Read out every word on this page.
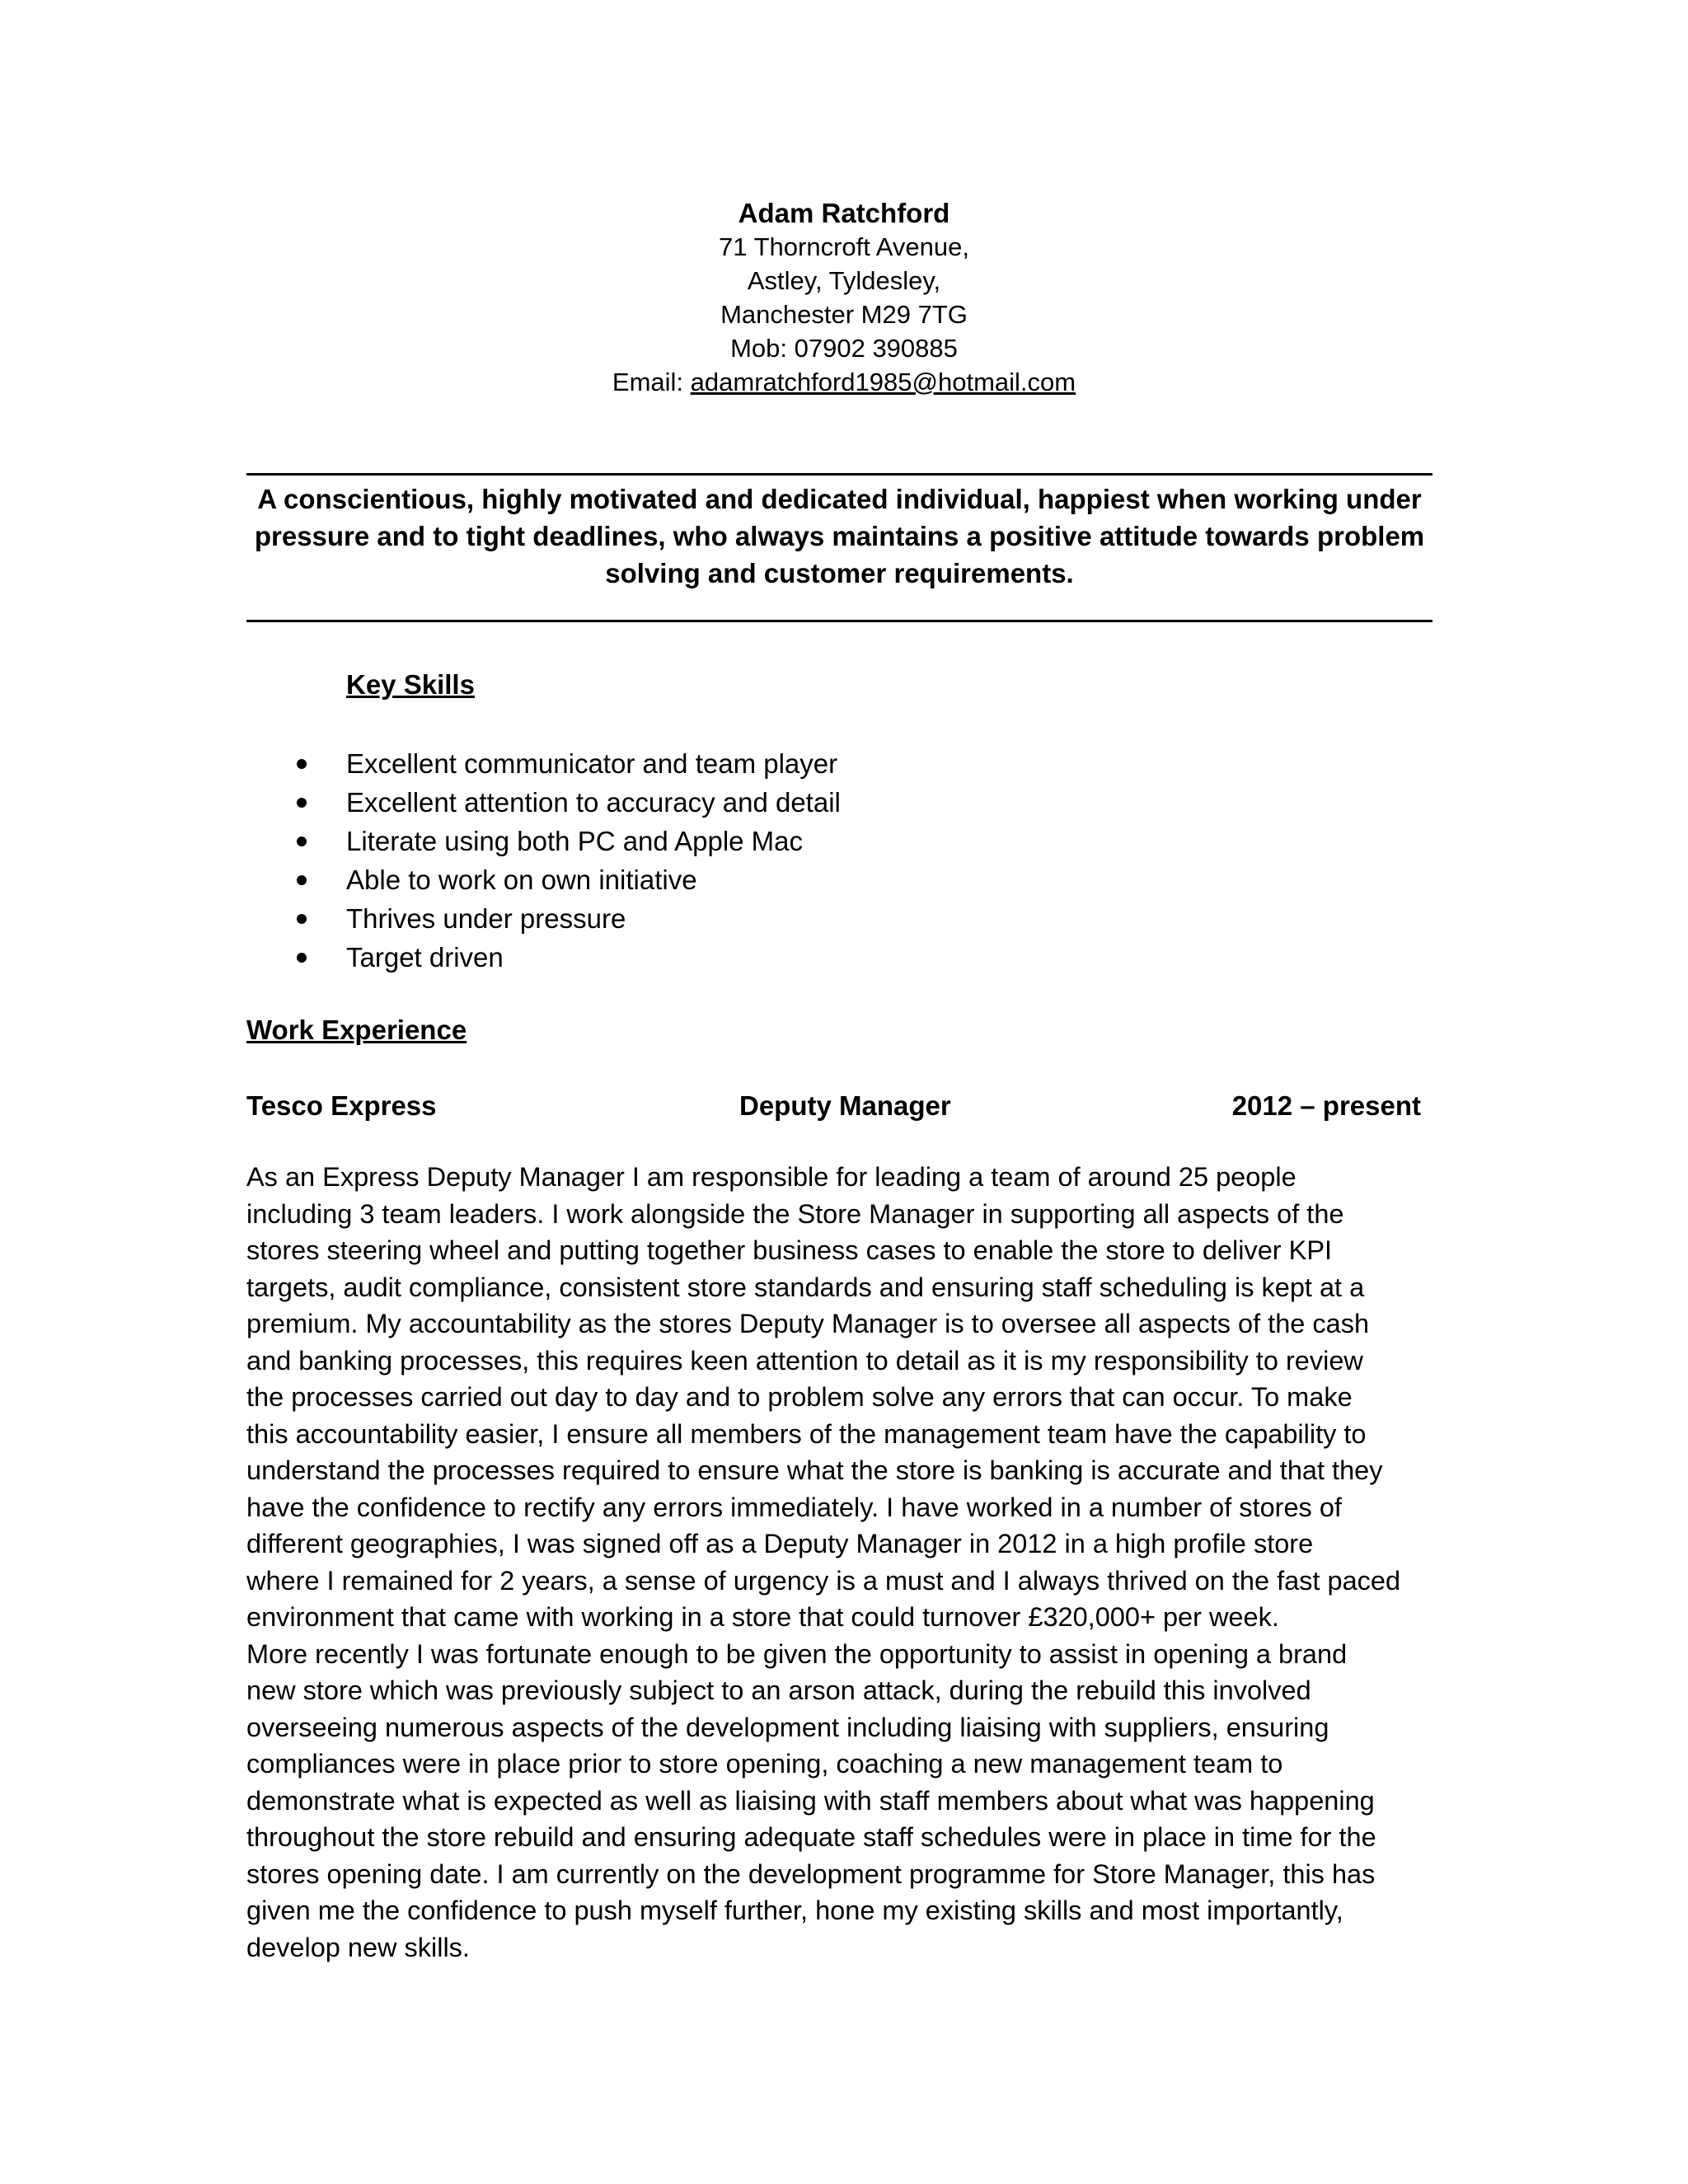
Adam Ratchford
71 Thorncroft Avenue,
Astley, Tyldesley,
Manchester M29 7TG
Mob: 07902 390885
Email: adamratchford1985@hotmail.com
A conscientious, highly motivated and dedicated individual, happiest when working under
pressure and to tight deadlines, who always maintains a positive attitude towards problem
solving and customer requirements.
Key Skills
Excellent communicator and team player
Excellent attention to accuracy and detail
Literate using both PC and Apple Mac
Able to work on own initiative
Thrives under pressure
Target driven
Work Experience
Tesco Express	Deputy Manager	2012 – present

As an Express Deputy Manager I am responsible for leading a team of around 25 people
including 3 team leaders. I work alongside the Store Manager in supporting all aspects of the
stores steering wheel and putting together business cases to enable the store to deliver KPI
targets, audit compliance, consistent store standards and ensuring staff scheduling is kept at a
premium. My accountability as the stores Deputy Manager is to oversee all aspects of the cash
and banking processes, this requires keen attention to detail as it is my responsibility to review
the processes carried out day to day and to problem solve any errors that can occur. To make
this accountability easier, I ensure all members of the management team have the capability to
understand the processes required to ensure what the store is banking is accurate and that they
have the confidence to rectify any errors immediately. I have worked in a number of stores of
different geographies, I was signed off as a Deputy Manager in 2012 in a high profile store
where I remained for 2 years, a sense of urgency is a must and I always thrived on the fast paced
environment that came with working in a store that could turnover £320,000+ per week.
More recently I was fortunate enough to be given the opportunity to assist in opening a brand
new store which was previously subject to an arson attack, during the rebuild this involved
overseeing numerous aspects of the development including liaising with suppliers, ensuring
compliances were in place prior to store opening, coaching a new management team to
demonstrate what is expected as well as liaising with staff members about what was happening
throughout the store rebuild and ensuring adequate staff schedules were in place in time for the
stores opening date. I am currently on the development programme for Store Manager, this has
given me the confidence to push myself further, hone my existing skills and most importantly,
develop new skills.
